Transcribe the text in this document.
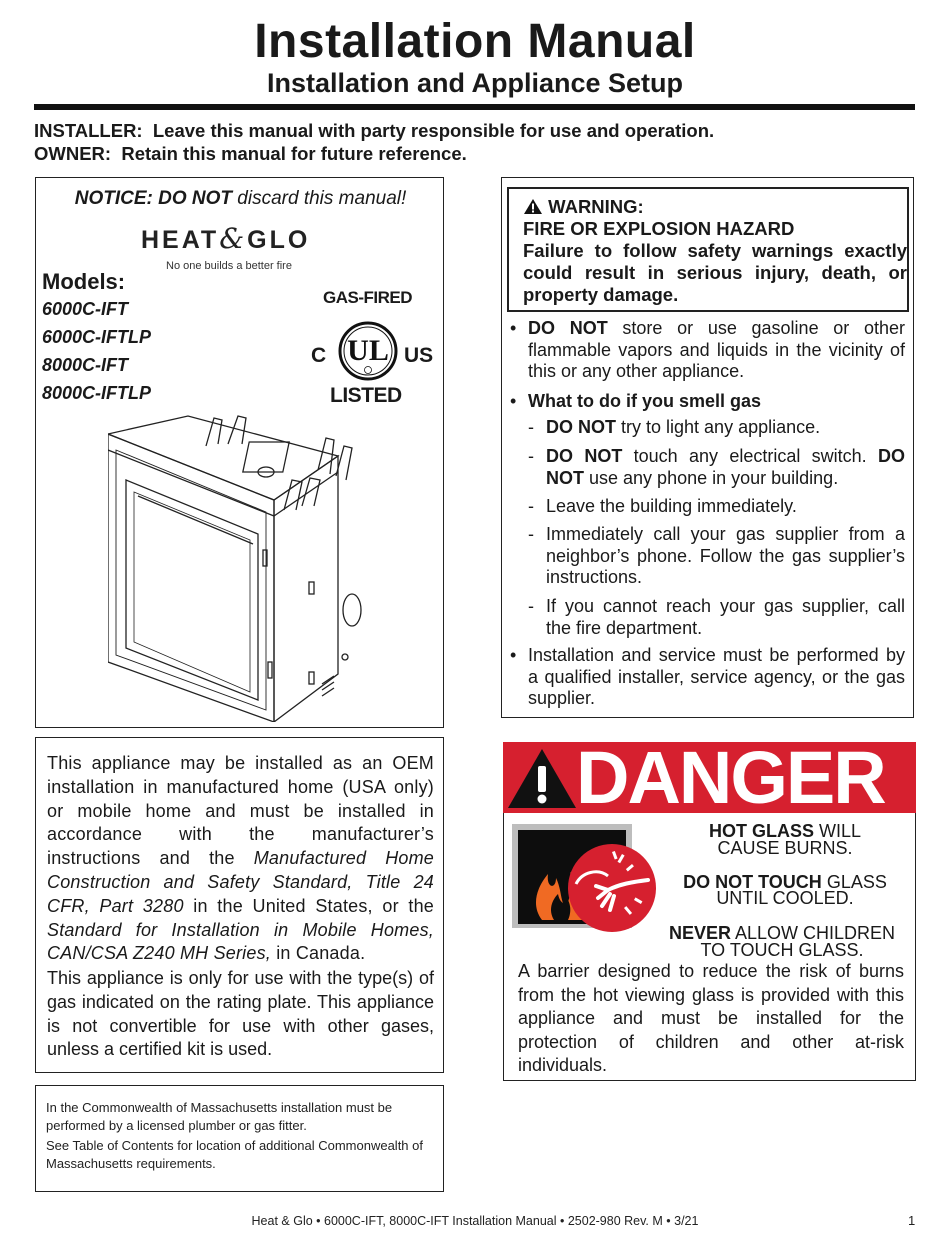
Installation Manual
Installation and Appliance Setup
INSTALLER: Leave this manual with party responsible for use and operation.
OWNER: Retain this manual for future reference.
NOTICE: DO NOT discard this manual!
HEAT&GLO
No one builds a better fire
Models:
6000C-IFT
6000C-IFTLP
8000C-IFT
8000C-IFTLP
GAS-FIRED
C	US
LISTED
UL
This appliance may be installed as an OEM installation in manufactured home (USA only) or mobile home and must be installed in accordance with the manufacturer’s instructions and the Manufactured Home Construction and Safety Standard, Title 24 CFR, Part 3280 in the United States, or the Standard for Installation in Mobile Homes, CAN/CSA Z240 MH Series, in Canada.
This appliance is only for use with the type(s) of gas indicated on the rating plate. This appliance is not convertible for use with other gases, unless a certified kit is used.
In the Commonwealth of Massachusetts installation must be performed by a licensed plumber or gas fitter.
See Table of Contents for location of additional Commonwealth of Massachusetts requirements.
WARNING:
FIRE OR EXPLOSION HAZARD
Failure to follow safety warnings exactly could result in serious injury, death, or property damage.
• DO NOT store or use gasoline or other flammable vapors and liquids in the vicinity of this or any other appliance.
• What to do if you smell gas
- DO NOT try to light any appliance.
- DO NOT touch any electrical switch. DO NOT use any phone in your building.
- Leave the building immediately.
- Immediately call your gas supplier from a neighbor’s phone. Follow the gas supplier’s instructions.
- If you cannot reach your gas supplier, call the fire department.
• Installation and service must be performed by a qualified installer, service agency, or the gas supplier.
DANGER
HOT GLASS WILL
CAUSE BURNS.
DO NOT TOUCH GLASS
UNTIL COOLED.
NEVER ALLOW CHILDREN
TO TOUCH GLASS.
A barrier designed to reduce the risk of burns from the hot viewing glass is provided with this appliance and must be installed for the protection of children and other at-risk individuals.
Heat & Glo • 6000C-IFT, 8000C-IFT Installation Manual • 2502-980 Rev. M • 3/21	1
